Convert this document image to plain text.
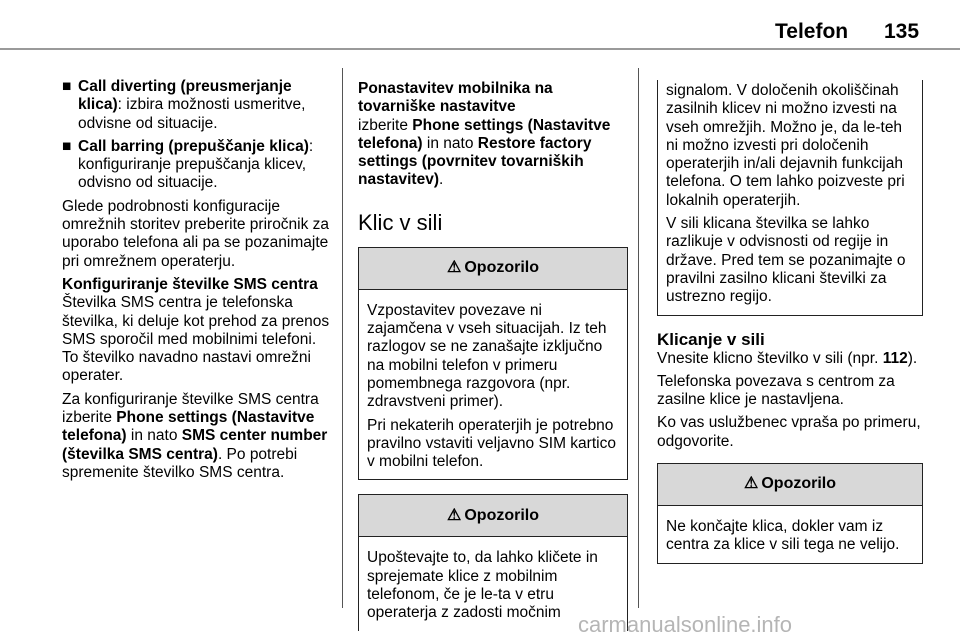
Telefon 135
■ Call diverting (preusmerjanje klica): izbira možnosti usmeritve, odvisne od situacije.
■ Call barring (prepuščanje klica): konfiguriranje prepuščanja klicev, odvisno od situacije.
Glede podrobnosti konfiguracije omrežnih storitev preberite priročnik za uporabo telefona ali pa se pozanimajte pri omrežnem operaterju.
Konfiguriranje številke SMS centra
Številka SMS centra je telefonska številka, ki deluje kot prehod za prenos SMS sporočil med mobilnimi telefoni. To številko navadno nastavi omrežni operater.
Za konfiguriranje številke SMS centra izberite Phone settings (Nastavitve telefona) in nato SMS center number (številka SMS centra). Po potrebi spremenite številko SMS centra.
Ponastavitev mobilnika na tovarniške nastavitve
izberite Phone settings (Nastavitve telefona) in nato Restore factory settings (povrnitev tovarniških nastavitev).
Klic v sili
⚠ Opozorilo
Vzpostavitev povezave ni zajamčena v vseh situacijah. Iz teh razlogov se ne zanašajte izključno na mobilni telefon v primeru pomembnega razgovora (npr. zdravstveni primer).
Pri nekaterih operaterjih je potrebno pravilno vstaviti veljavno SIM kartico v mobilni telefon.
⚠ Opozorilo
Upoštevajte to, da lahko kličete in sprejemate klice z mobilnim telefonom, če je le-ta v etru operaterja z zadosti močnim
signalom. V določenih okoliščinah zasilnih klicev ni možno izvesti na vseh omrežjih. Možno je, da le-teh ni možno izvesti pri določenih operaterjih in/ali dejavnih funkcijah telefona. O tem lahko poizveste pri lokalnih operaterjih.
V sili klicana številka se lahko razlikuje v odvisnosti od regije in države. Pred tem se pozanimajte o pravilni zasilno klicani številki za ustrezno regijo.
Klicanje v sili
Vnesite klicno številko v sili (npr. 112).
Telefonska povezava s centrom za zasilne klice je nastavljena.
Ko vas uslužbenec vpraša po primeru, odgovorite.
⚠ Opozorilo
Ne končajte klica, dokler vam iz centra za klice v sili tega ne velijo.
carmanualsonline.info
